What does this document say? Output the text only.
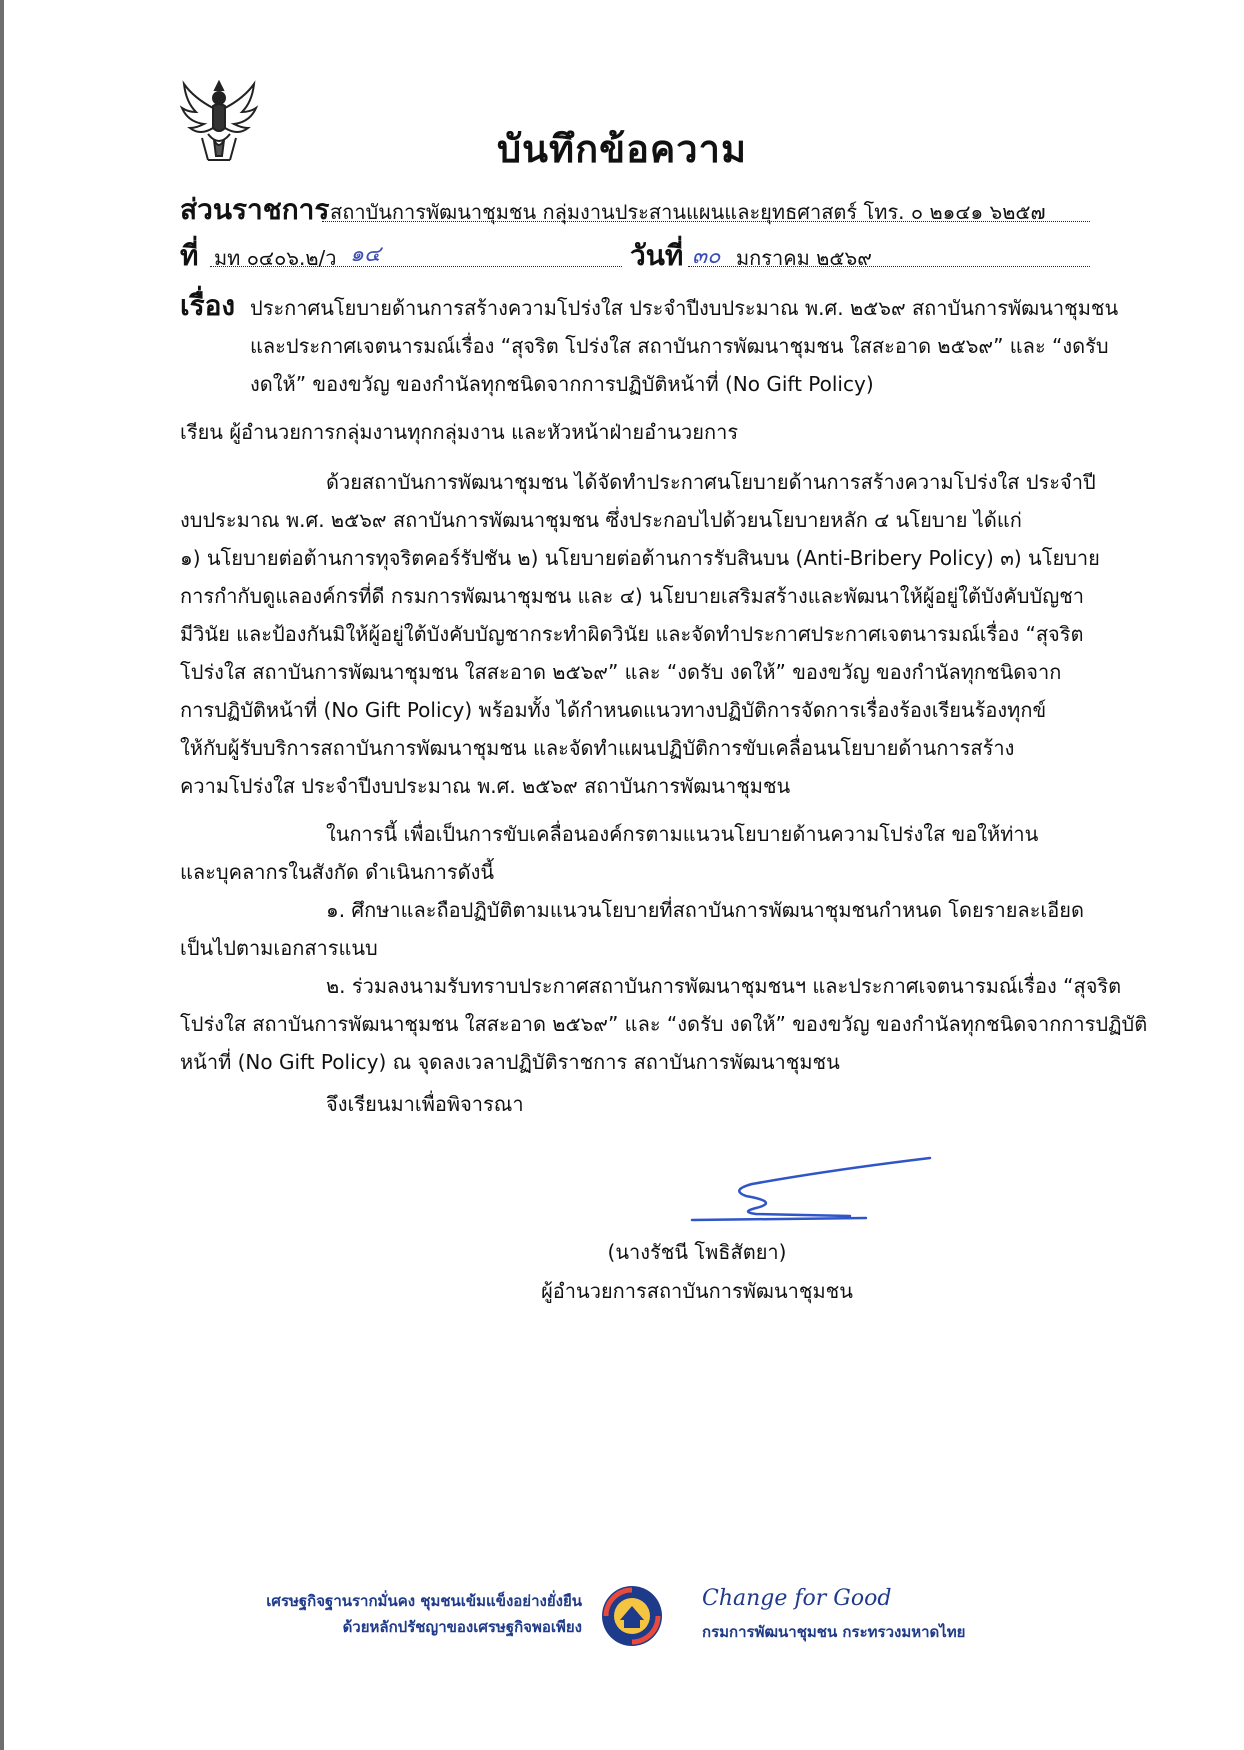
บันทึกข้อความ
ส่วนราชการ สถาบันการพัฒนาชุมชน กลุ่มงานประสานแผนและยุทธศาสตร์ โทร. ๐ ๒๑๔๑ ๖๒๕๗
ที่ มท ๐๔๐๖.๒/ว ๑๔	วันที่ ๓๐ มกราคม ๒๕๖๙
เรื่อง ประกาศนโยบายด้านการสร้างความโปร่งใส ประจำปีงบประมาณ พ.ศ. ๒๕๖๙ สถาบันการพัฒนาชุมชน
และประกาศเจตนารมณ์เรื่อง “สุจริต โปร่งใส สถาบันการพัฒนาชุมชน ใสสะอาด ๒๕๖๙” และ “งดรับ
งดให้” ของขวัญ ของกำนัลทุกชนิดจากการปฏิบัติหน้าที่ (No Gift Policy)
เรียน ผู้อำนวยการกลุ่มงานทุกกลุ่มงาน และหัวหน้าฝ่ายอำนวยการ
ด้วยสถาบันการพัฒนาชุมชน ได้จัดทำประกาศนโยบายด้านการสร้างความโปร่งใส ประจำปี
งบประมาณ พ.ศ. ๒๕๖๙ สถาบันการพัฒนาชุมชน ซึ่งประกอบไปด้วยนโยบายหลัก ๔ นโยบาย ได้แก่
๑) นโยบายต่อต้านการทุจริตคอร์รัปชัน ๒) นโยบายต่อต้านการรับสินบน (Anti-Bribery Policy) ๓) นโยบาย
การกำกับดูแลองค์กรที่ดี กรมการพัฒนาชุมชน และ ๔) นโยบายเสริมสร้างและพัฒนาให้ผู้อยู่ใต้บังคับบัญชา
มีวินัย และป้องกันมิให้ผู้อยู่ใต้บังคับบัญชากระทำผิดวินัย และจัดทำประกาศประกาศเจตนารมณ์เรื่อง “สุจริต
โปร่งใส สถาบันการพัฒนาชุมชน ใสสะอาด ๒๕๖๙” และ “งดรับ งดให้” ของขวัญ ของกำนัลทุกชนิดจาก
การปฏิบัติหน้าที่ (No Gift Policy) พร้อมทั้ง ได้กำหนดแนวทางปฏิบัติการจัดการเรื่องร้องเรียนร้องทุกข์
ให้กับผู้รับบริการสถาบันการพัฒนาชุมชน และจัดทำแผนปฏิบัติการขับเคลื่อนนโยบายด้านการสร้าง
ความโปร่งใส ประจำปีงบประมาณ พ.ศ. ๒๕๖๙ สถาบันการพัฒนาชุมชน
ในการนี้ เพื่อเป็นการขับเคลื่อนองค์กรตามแนวนโยบายด้านความโปร่งใส ขอให้ท่าน
และบุคลากรในสังกัด ดำเนินการดังนี้
๑. ศึกษาและถือปฏิบัติตามแนวนโยบายที่สถาบันการพัฒนาชุมชนกำหนด โดยรายละเอียด
เป็นไปตามเอกสารแนบ
๒. ร่วมลงนามรับทราบประกาศสถาบันการพัฒนาชุมชนฯ และประกาศเจตนารมณ์เรื่อง “สุจริต
โปร่งใส สถาบันการพัฒนาชุมชน ใสสะอาด ๒๕๖๙” และ “งดรับ งดให้” ของขวัญ ของกำนัลทุกชนิดจากการปฏิบัติ
หน้าที่ (No Gift Policy) ณ จุดลงเวลาปฏิบัติราชการ สถาบันการพัฒนาชุมชน
จึงเรียนมาเพื่อพิจารณา
(นางรัชนี โพธิสัตยา)
ผู้อำนวยการสถาบันการพัฒนาชุมชน
เศรษฐกิจฐานรากมั่นคง ชุมชนเข้มแข็งอย่างยั่งยืน
ด้วยหลักปรัชญาของเศรษฐกิจพอเพียง
Change for Good
กรมการพัฒนาชุมชน กระทรวงมหาดไทย
